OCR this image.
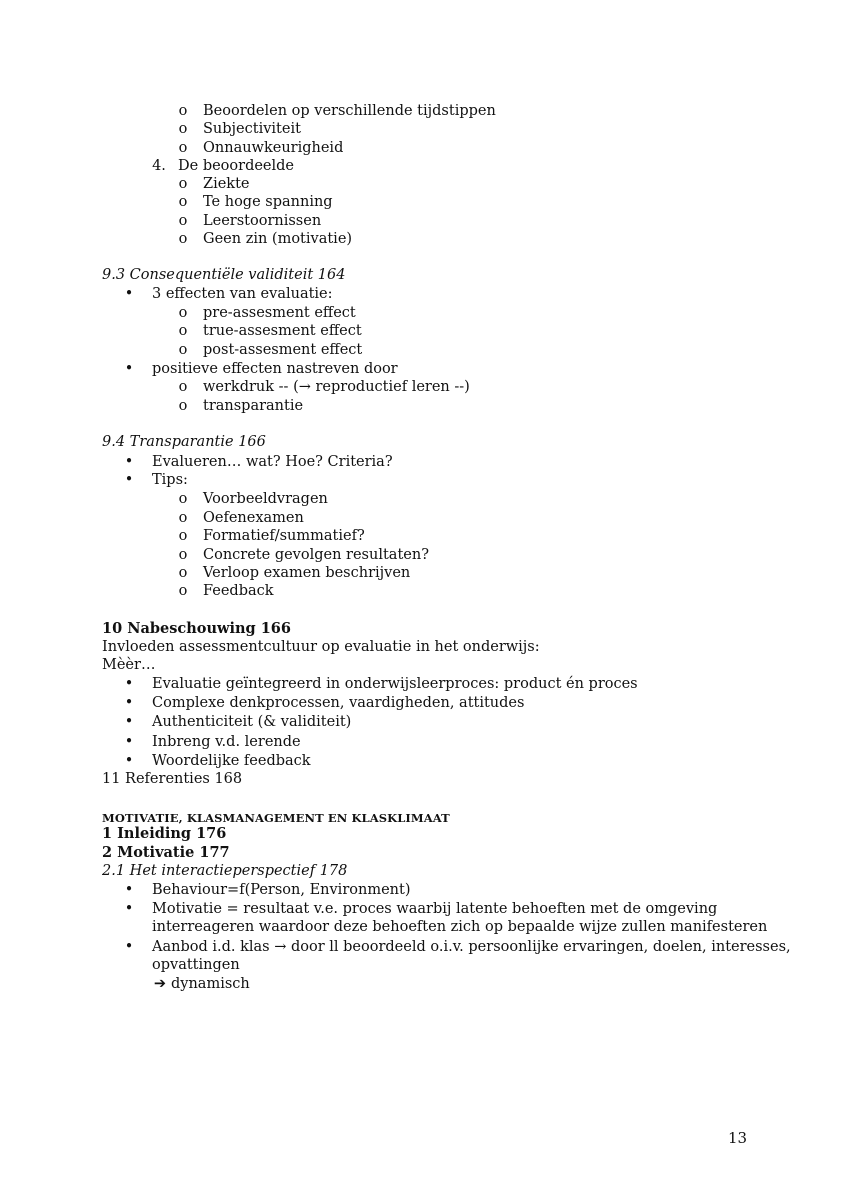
o Beoordelen op verschillende tijdstippen
o Subjectiviteit
o Onnauwkeurigheid
4. De beoordeelde
o Ziekte
o Te hoge spanning
o Leerstoornissen
o Geen zin (motivatie)
9.3 Consequentiële validiteit 164
• 3 effecten van evaluatie:
o pre-assesment effect
o true-assesment effect
o post-assesment effect
• positieve effecten nastreven door
o werkdruk -- (→ reproductief leren --)
o transparantie
9.4 Transparantie 166
• Evalueren… wat? Hoe? Criteria?
• Tips:
o Voorbeeldvragen
o Oefenexamen
o Formatief/summatief?
o Concrete gevolgen resultaten?
o Verloop examen beschrijven
o Feedback
10 Nabeschouwing 166
Invloeden assessmentcultuur op evaluatie in het onderwijs:
Mèèr…
• Evaluatie geïntegreerd in onderwijsleerproces: product én proces
• Complexe denkprocessen, vaardigheden, attitudes
• Authenticiteit (& validiteit)
• Inbreng v.d. lerende
• Woordelijke feedback
11 Referenties 168
MOTIVATIE, KLASMANAGEMENT EN KLASKLIMAAT
1 Inleiding 176
2 Motivatie 177
2.1 Het interactieperspectief 178
• Behaviour=f(Person, Environment)
• Motivatie = resultaat v.e. proces waarbij latente behoeften met de omgeving
interreageren waardoor deze behoeften zich op bepaalde wijze zullen manifesteren
• Aanbod i.d. klas → door ll beoordeeld o.i.v. persoonlijke ervaringen, doelen, interesses,
opvattingen
➔ dynamisch
13
